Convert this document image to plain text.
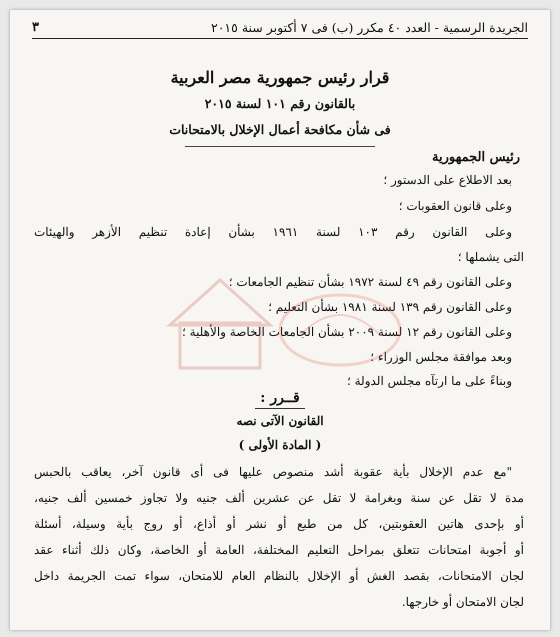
الجريدة الرسمية - العدد ٤٠ مكرر (ب) فى ٧ أكتوبر سنة ٢٠١٥
٣
قرار رئيس جمهورية مصر العربية
بالقانون رقم ١٠١ لسنة ٢٠١٥
فى شأن مكافحة أعمال الإخلال بالامتحانات
رئيس الجمهورية
بعد الاطلاع على الدستور ؛
وعلى قانون العقوبات ؛
وعلى القانون رقم ١٠٣ لسنة ١٩٦١ بشأن إعادة تنظيم الأزهر والهيئات
التى يشملها ؛
وعلى القانون رقم ٤٩ لسنة ١٩٧٢ بشأن تنظيم الجامعات ؛
وعلى القانون رقم ١٣٩ لسنة ١٩٨١ بشأن التعليم ؛
وعلى القانون رقم ١٢ لسنة ٢٠٠٩ بشأن الجامعات الخاصة والأهلية ؛
وبعد موافقة مجلس الوزراء ؛
وبناءً على ما ارتآه مجلس الدولة ؛
قــرر :
القانون الآتى نصه
( المادة الأولى )
"مع عدم الإخلال بأية عقوبة أشد منصوص عليها فى أى قانون آخر، يعاقب بالحبس
مدة لا تقل عن سنة وبغرامة لا تقل عن عشرين ألف جنيه ولا تجاوز خمسين ألف جنيه،
أو بإحدى هاتين العقوبتين، كل من طبع أو نشر أو أذاع، أو روج بأية وسيلة، أسئلة
أو أجوبة امتحانات تتعلق بمراحل التعليم المختلفة، العامة أو الخاصة، وكان ذلك أثناء عقد
لجان الامتحانات، بقصد الغش أو الإخلال بالنظام العام للامتحان، سواء تمت الجريمة داخل
لجان الامتحان أو خارجها.
